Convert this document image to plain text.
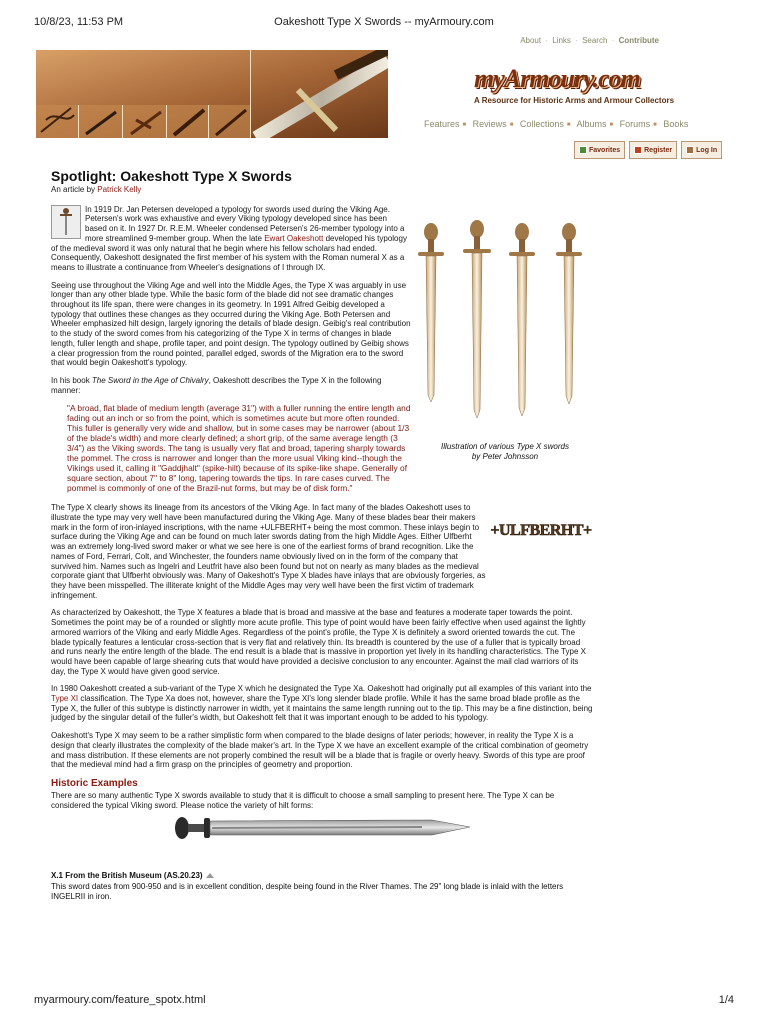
10/8/23, 11:53 PM	Oakeshott Type X Swords -- myArmoury.com
About · Links · Search · Contribute
myArmoury.com
A Resource for Historic Arms and Armour Collectors
Features ■ Reviews ■ Collections ■ Albums ■ Forums ■ Books
Favorites	Register	Log In
Spotlight: Oakeshott Type X Swords
An article by Patrick Kelly

In 1919 Dr. Jan Petersen developed a typology for swords used during the Viking Age. Petersen's work was exhaustive and every Viking typology developed since has been based on it. In 1927 Dr. R.E.M. Wheeler condensed Petersen's 26-member typology into a more streamlined 9-member group. When the late Ewart Oakeshott developed his typology of the medieval sword it was only natural that he begin where his fellow scholars had ended. Consequently, Oakeshott designated the first member of his system with the Roman numeral X as a means to illustrate a continuance from Wheeler's designations of I through IX.

Seeing use throughout the Viking Age and well into the Middle Ages, the Type X was arguably in use longer than any other blade type. While the basic form of the blade did not see dramatic changes throughout its life span, there were changes in its geometry. In 1991 Alfred Geibig developed a typology that outlines these changes as they occurred during the Viking Age. Both Petersen and Wheeler emphasized hilt design, largely ignoring the details of blade design. Geibig's real contribution to the study of the sword comes from his categorizing of the Type X in terms of changes in blade length, fuller length and shape, profile taper, and point design. The typology outlined by Geibig shows a clear progression from the round pointed, parallel edged, swords of the Migration era to the sword that would begin Oakeshott's typology.

In his book The Sword in the Age of Chivalry, Oakeshott describes the Type X in the following manner:

"A broad, flat blade of medium length (average 31") with a fuller running the entire length and fading out an inch or so from the point, which is sometimes acute but more often rounded. This fuller is generally very wide and shallow, but in some cases may be narrower (about 1/3 of the blade's width) and more clearly defined; a short grip, of the same average length (3 3/4") as the Viking swords. The tang is usually very flat and broad, tapering sharply towards the pommel. The cross is narrower and longer than the more usual Viking kind--though the Vikings used it, calling it "Gaddjhalt" (spike-hilt) because of its spike-like shape. Generally of square section, about 7" to 8" long, tapering towards the tips. In rare cases curved. The pommel is commonly of one of the Brazil-nut forms, but may be of disk form."

The Type X clearly shows its lineage from its ancestors of the Viking Age. In fact many of the blades Oakeshott uses to illustrate the type may very well have been manufactured during the Viking Age. Many of these blades bear their makers mark in the form of iron-inlayed inscriptions, with the name +ULFBERHT+ being the most common. These inlays begin to surface during the Viking Age and can be found on much later swords dating from the high Middle Ages. Either Ulfberht was an extremely long-lived sword maker or what we see here is one of the earliest forms of brand recognition. Like the names of Ford, Ferrari, Colt, and Winchester, the founders name obviously lived on in the form of the company that survived him. Names such as Ingelri and Leutfrit have also been found but not on nearly as many blades as the medieval corporate giant that Ulfberht obviously was. Many of Oakeshott's Type X blades have inlays that are obviously forgeries, as they have been misspelled. The illiterate knight of the Middle Ages may very well have been the first victim of trademark infringement.

As characterized by Oakeshott, the Type X features a blade that is broad and massive at the base and features a moderate taper towards the point. Sometimes the point may be of a rounded or slightly more acute profile. This type of point would have been fairly effective when used against the lightly armored warriors of the Viking and early Middle Ages. Regardless of the point's profile, the Type X is definitely a sword oriented towards the cut. The blade typically features a lenticular cross-section that is very flat and relatively thin. Its breadth is countered by the use of a fuller that is typically broad and runs nearly the entire length of the blade. The end result is a blade that is massive in proportion yet lively in its handling characteristics. The Type X would have been capable of large shearing cuts that would have provided a decisive conclusion to any encounter. Against the mail clad warriors of its day, the Type X would have given good service.

In 1980 Oakeshott created a sub-variant of the Type X which he designated the Type Xa. Oakeshott had originally put all examples of this variant into the Type XI classification. The Type Xa does not, however, share the Type XI's long slender blade profile. While it has the same broad blade profile as the Type X, the fuller of this subtype is distinctly narrower in width, yet it maintains the same length running out to the tip. This may be a fine distinction, being judged by the singular detail of the fuller's width, but Oakeshott felt that it was important enough to be added to his typology.

Oakeshott's Type X may seem to be a rather simplistic form when compared to the blade designs of later periods; however, in reality the Type X is a design that clearly illustrates the complexity of the blade maker's art. In the Type X we have an excellent example of the critical combination of geometry and mass distribution. If these elements are not properly combined the result will be a blade that is fragile or overly heavy. Swords of this type are proof that the medieval mind had a firm grasp on the principles of geometry and proportion.

Historic Examples

There are so many authentic Type X swords available to study that it is difficult to choose a small sampling to present here. The Type X can be considered the typical Viking sword. Please notice the variety of hilt forms:

Illustration of various Type X swords by Peter Johnsson
+ULFBERHT+
X.1 From the British Museum (AS.20.23)
This sword dates from 900-950 and is in excellent condition, despite being found in the River Thames. The 29" long blade is inlaid with the letters INGELRII in iron.
myarmoury.com/feature_spotx.html	1/4
